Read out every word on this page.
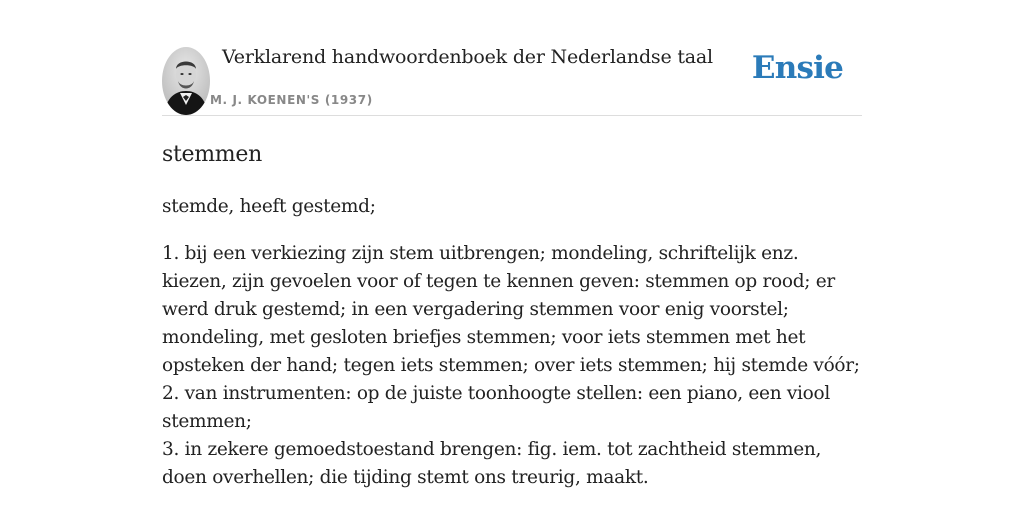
Verklarend handwoordenboek der Nederlandse taal
M. J. KOENEN'S (1937)
Ensie
stemmen

stemde, heeft gestemd;

1. bij een verkiezing zijn stem uitbrengen; mondeling, schriftelijk enz. kiezen, zijn gevoelen voor of tegen te kennen geven: stemmen op rood; er werd druk gestemd; in een vergadering stemmen voor enig voorstel; mondeling, met gesloten briefjes stemmen; voor iets stemmen met het opsteken der hand; tegen iets stemmen; over iets stemmen; hij stemde vóór;
2. van instrumenten: op de juiste toonhoogte stellen: een piano, een viool stemmen;
3. in zekere gemoedstoestand brengen: fig. iem. tot zachtheid stemmen, doen overhellen; die tijding stemt ons treurig, maakt.
